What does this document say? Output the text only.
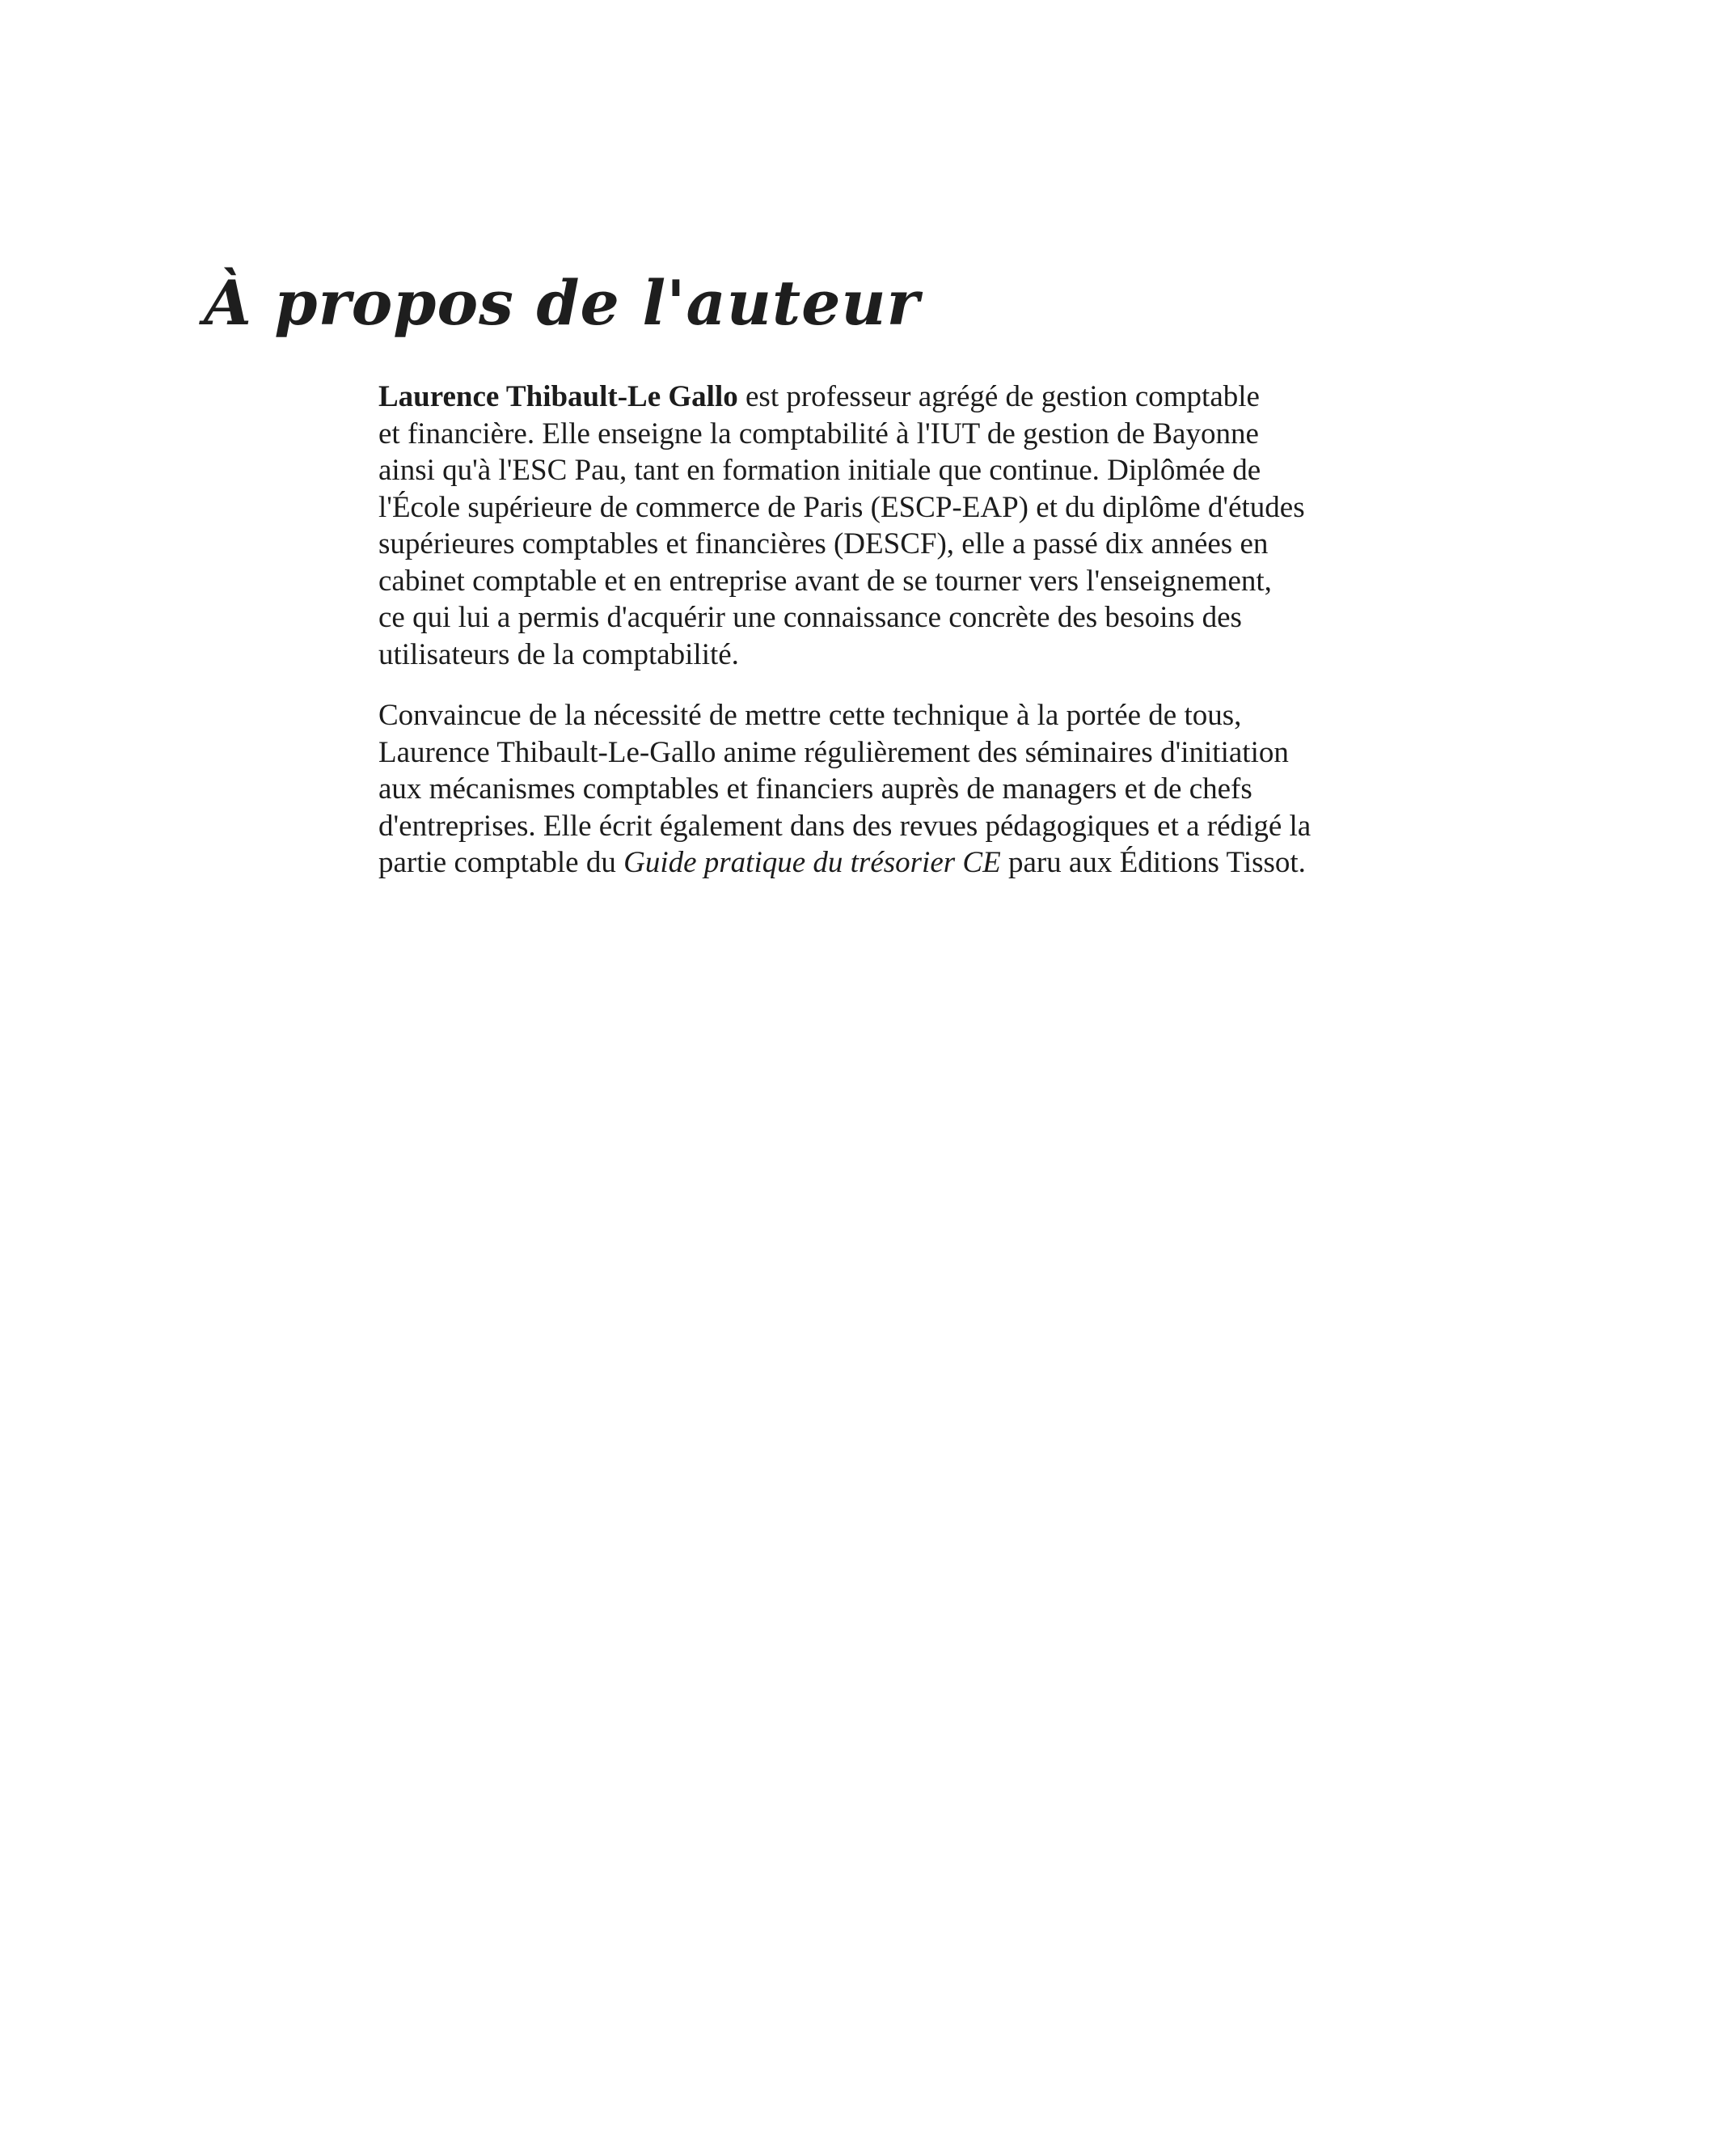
À propos de l'auteur

Laurence Thibault-Le Gallo est professeur agrégé de gestion comptable
et financière. Elle enseigne la comptabilité à l'IUT de gestion de Bayonne
ainsi qu'à l'ESC Pau, tant en formation initiale que continue. Diplômée de
l'École supérieure de commerce de Paris (ESCP-EAP) et du diplôme d'études
supérieures comptables et financières (DESCF), elle a passé dix années en
cabinet comptable et en entreprise avant de se tourner vers l'enseignement,
ce qui lui a permis d'acquérir une connaissance concrète des besoins des
utilisateurs de la comptabilité.

Convaincue de la nécessité de mettre cette technique à la portée de tous,
Laurence Thibault-Le-Gallo anime régulièrement des séminaires d'initiation
aux mécanismes comptables et financiers auprès de managers et de chefs
d'entreprises. Elle écrit également dans des revues pédagogiques et a rédigé la
partie comptable du Guide pratique du trésorier CE paru aux Éditions Tissot.
